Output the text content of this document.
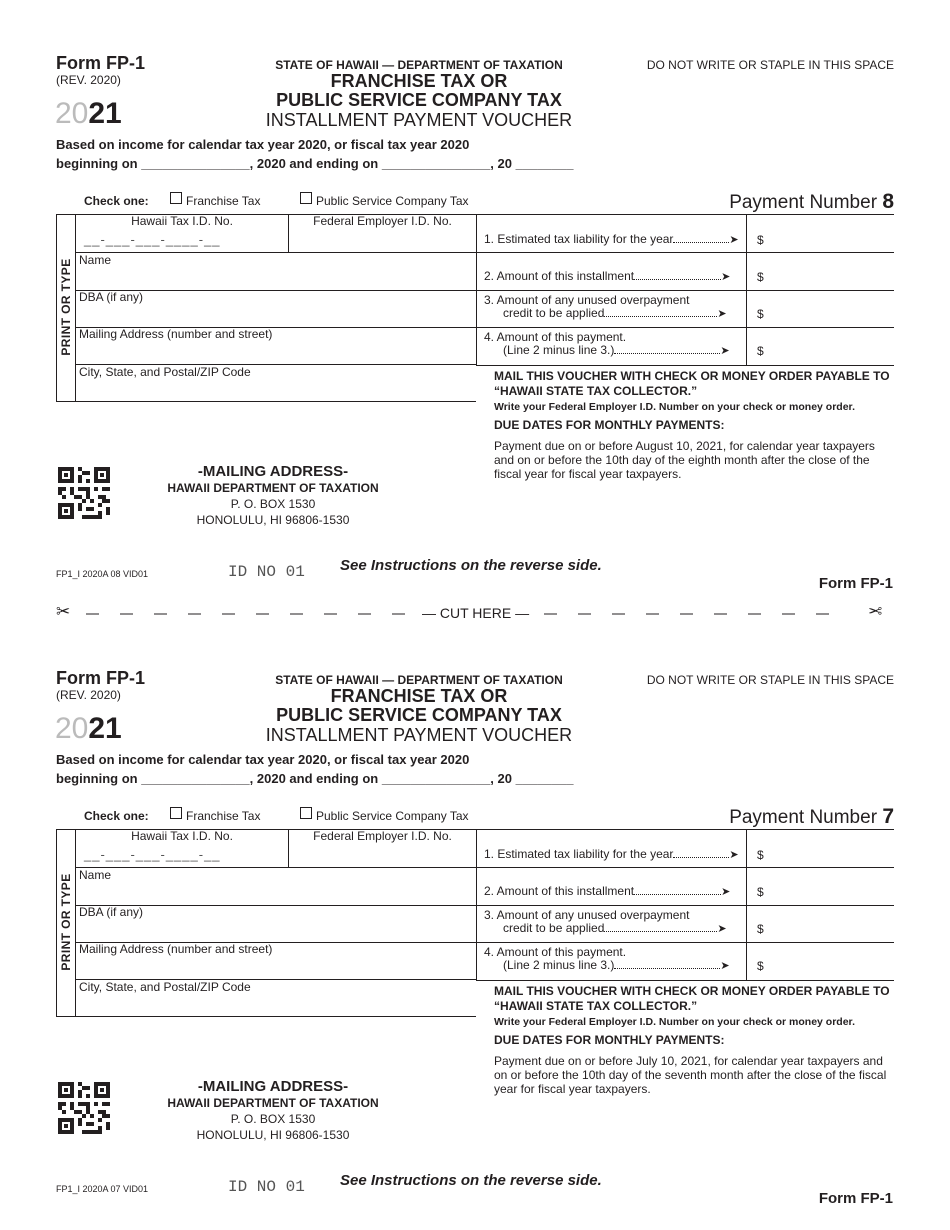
Form FP-1
(REV. 2020)
2021
STATE OF HAWAII — DEPARTMENT OF TAXATION
FRANCHISE TAX OR
PUBLIC SERVICE COMPANY TAX
INSTALLMENT PAYMENT VOUCHER
DO NOT WRITE OR STAPLE IN THIS SPACE
Based on income for calendar tax year 2020, or fiscal tax year 2020
beginning on _______________, 2020 and ending on _______________, 20 ________
Check one:	Franchise Tax	Public Service Company Tax	Payment Number 8
PRINT OR TYPE
Hawaii Tax I.D. No.
__-___-___-____-__
Federal Employer I.D. No.
Name
DBA (if any)
Mailing Address (number and street)
City, State, and Postal/ZIP Code
1. Estimated tax liability for the year	➤ $
2. Amount of this installment	➤ $
3. Amount of any unused overpayment
credit to be applied	➤	$
4. Amount of this payment.
(Line 2 minus line 3.)	➤ $
MAIL THIS VOUCHER WITH CHECK OR MONEY ORDER PAYABLE TO “HAWAII STATE TAX COLLECTOR.”
Write your Federal Employer I.D. Number on your check or money order.
DUE DATES FOR MONTHLY PAYMENTS:
Payment due on or before August 10, 2021, for calendar year taxpayers and on or before the 10th day of the eighth month after the close of the fiscal year for fiscal year taxpayers.
-MAILING ADDRESS-
HAWAII DEPARTMENT OF TAXATION
P. O. BOX 1530
HONOLULU, HI 96806-1530
FP1_I 2020A 08 VID01	ID NO 01 See Instructions on the reverse side.
Form FP-1
Form FP-1
(REV. 2020)
2021
STATE OF HAWAII — DEPARTMENT OF TAXATION
FRANCHISE TAX OR
PUBLIC SERVICE COMPANY TAX
INSTALLMENT PAYMENT VOUCHER
DO NOT WRITE OR STAPLE IN THIS SPACE
Based on income for calendar tax year 2020, or fiscal tax year 2020
beginning on _______________, 2020 and ending on _______________, 20 ________
Check one:	Franchise Tax	Public Service Company Tax	Payment Number 7
PRINT OR TYPE
Hawaii Tax I.D. No.
__-___-___-____-__
Federal Employer I.D. No.
Name
DBA (if any)
Mailing Address (number and street)
City, State, and Postal/ZIP Code
1. Estimated tax liability for the year	➤ $
2. Amount of this installment	➤ $
3. Amount of any unused overpayment
credit to be applied	➤	$
4. Amount of this payment.
(Line 2 minus line 3.)	➤ $
MAIL THIS VOUCHER WITH CHECK OR MONEY ORDER PAYABLE TO “HAWAII STATE TAX COLLECTOR.”
Write your Federal Employer I.D. Number on your check or money order.
DUE DATES FOR MONTHLY PAYMENTS:
Payment due on or before July 10, 2021, for calendar year taxpayers and on or before the 10th day of the seventh month after the close of the fiscal year for fiscal year taxpayers.
-MAILING ADDRESS-
HAWAII DEPARTMENT OF TAXATION
P. O. BOX 1530
HONOLULU, HI 96806-1530
FP1_I 2020A 07 VID01	ID NO 01 See Instructions on the reverse side.
Form FP-1
✂	— CUT HERE —	✂
